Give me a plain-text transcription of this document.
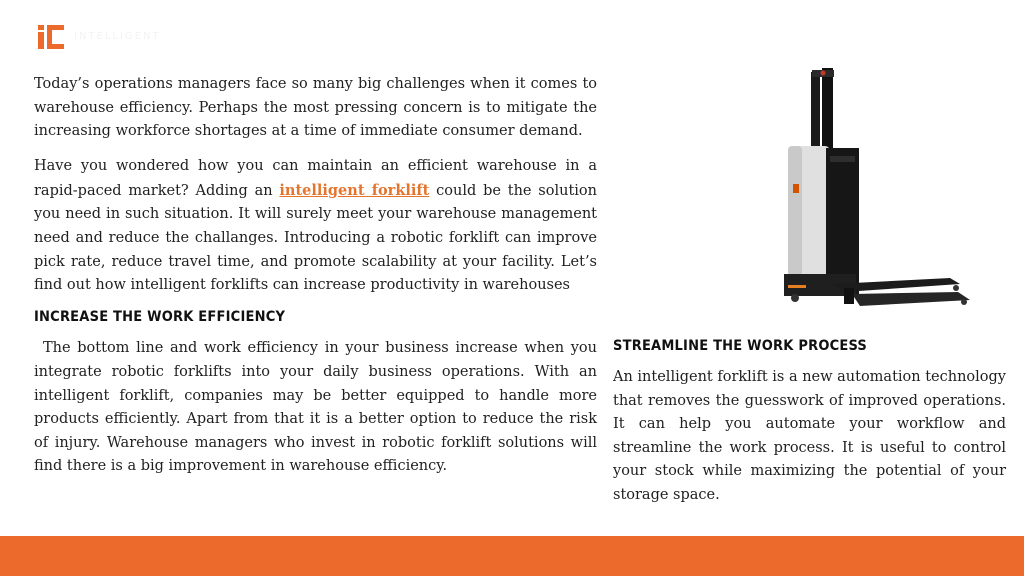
INTELLIGENT

Today’s operations managers face so many big challenges when it comes to warehouse efficiency. Perhaps the most pressing concern is to mitigate the increasing workforce shortages at a time of immediate consumer demand.

Have you wondered how you can maintain an efficient warehouse in a rapid-paced market? Adding an intelligent forklift could be the solution you need in such situation. It will surely meet your warehouse management need and reduce the challanges. Introducing a robotic forklift can improve pick rate, reduce travel time, and promote scalability at your facility. Let’s find out how intelligent forklifts can increase productivity in warehouses

INCREASE THE WORK EFFICIENCY

The bottom line and work efficiency in your business increase when you integrate robotic forklifts into your daily business operations. With an intelligent forklift, companies may be better equipped to handle more products efficiently. Apart from that it is a better option to reduce the risk of injury. Warehouse managers who invest in robotic forklift solutions will find there is a big improvement in warehouse efficiency.

STREAMLINE THE WORK PROCESS

An intelligent forklift is a new automation technology that removes the guesswork of improved operations. It can help you automate your workflow and streamline the work process. It is useful to control your stock while maximizing the potential of your storage space.
